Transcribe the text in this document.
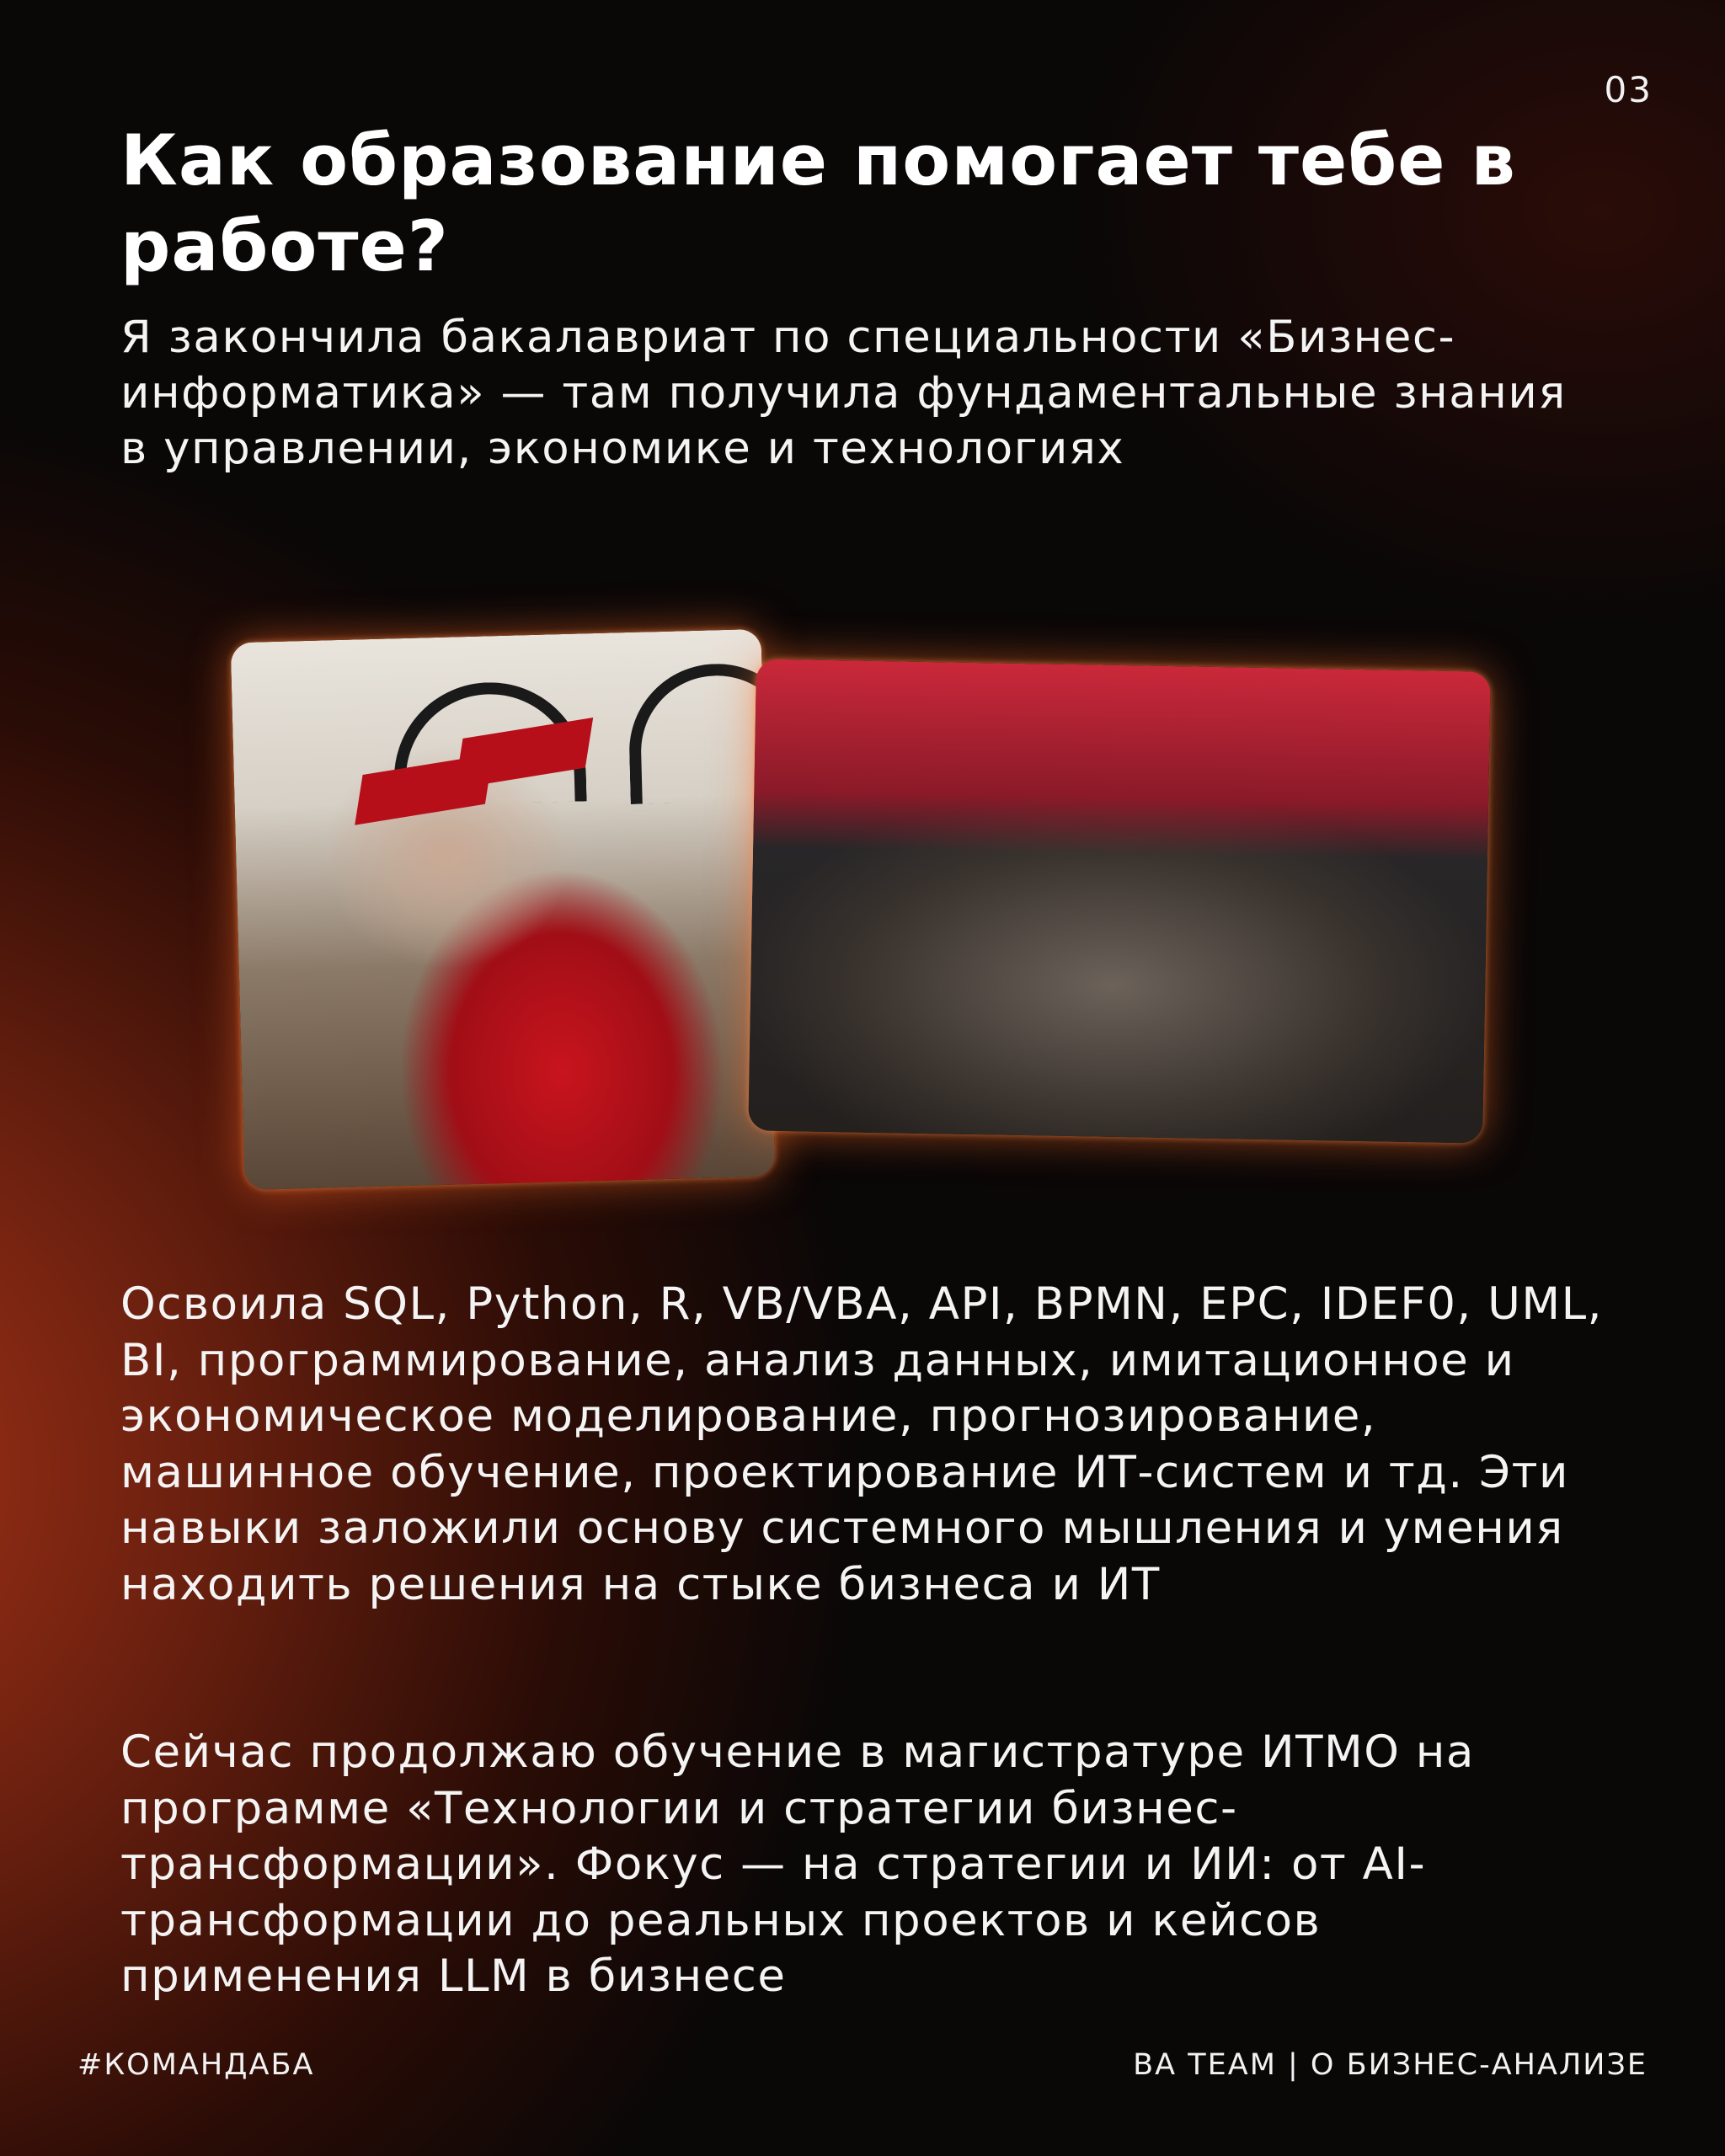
03
Как образование помогает тебе в работе?

Я закончила бакалавриат по специальности «Бизнес-информатика» — там получила фундаментальные знания в управлении, экономике и технологиях

Освоила SQL, Python, R, VB/VBA, API, BPMN, EPC, IDEF0, UML, BI, программирование, анализ данных, имитационное и экономическое моделирование, прогнозирование, машинное обучение, проектирование ИТ-систем и тд. Эти навыки заложили основу системного мышления и умения находить решения на стыке бизнеса и ИТ

Сейчас продолжаю обучение в магистратуре ИТМО на программе «Технологии и стратегии бизнес-трансформации». Фокус — на стратегии и ИИ: от AI-трансформации до реальных проектов и кейсов применения LLM в бизнесе

#КОМАНДАБА	BA TEAM | О БИЗНЕС-АНАЛИЗЕ
